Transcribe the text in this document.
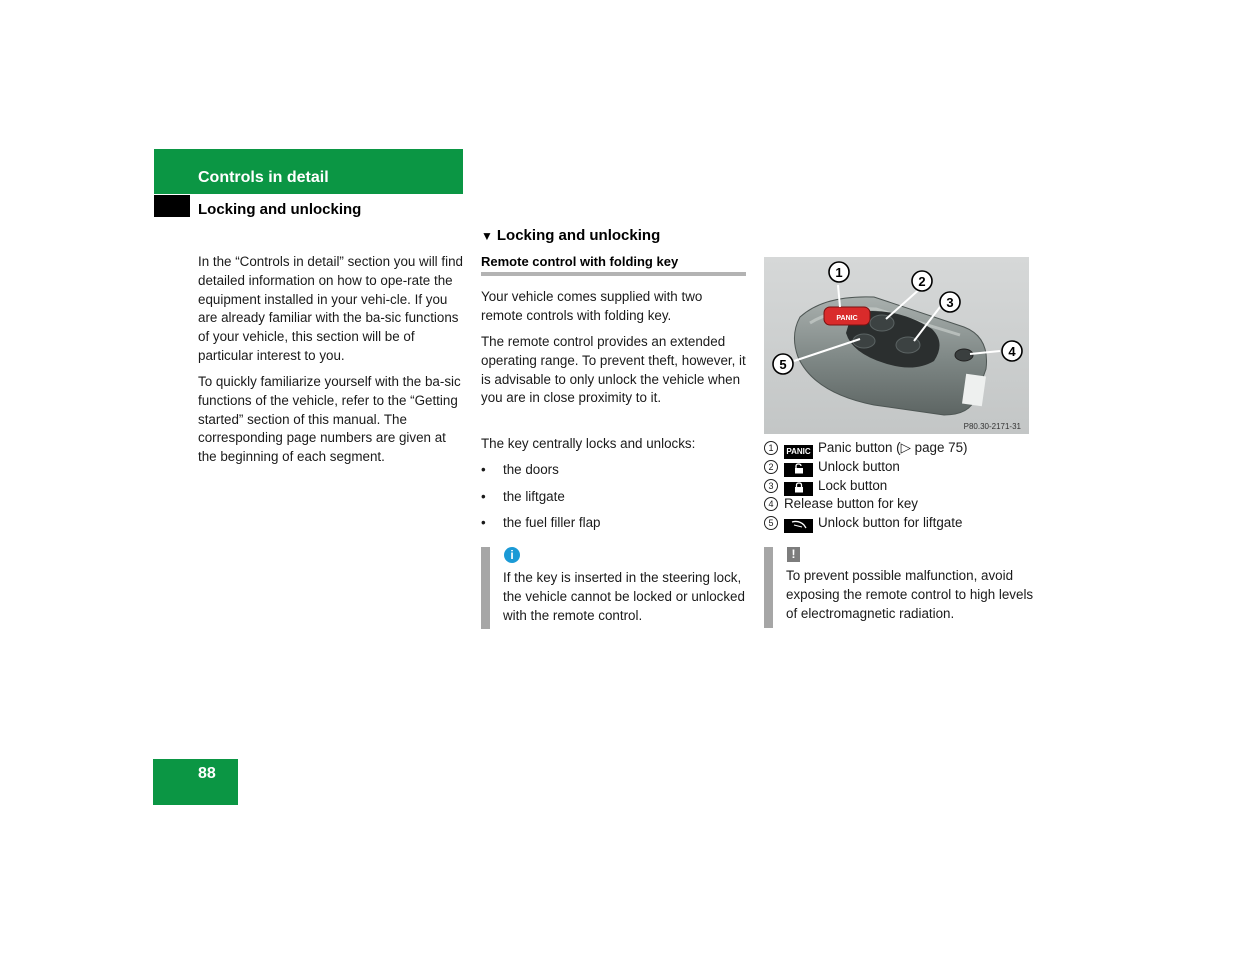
Controls in detail
Locking and unlocking
In the “Controls in detail” section you will find detailed information on how to ope-rate the equipment installed in your vehi-cle. If you are already familiar with the ba-sic functions of your vehicle, this section will be of particular interest to you.
To quickly familiarize yourself with the ba-sic functions of the vehicle, refer to the “Getting started” section of this manual. The corresponding page numbers are given at the beginning of each segment.
▼ Locking and unlocking
Remote control with folding key
Your vehicle comes supplied with two remote controls with folding key.
The remote control provides an extended operating range. To prevent theft, however, it is advisable to only unlock the vehicle when you are in close proximity to it.
The key centrally locks and unlocks:
• the doors
• the liftgate
• the fuel filler flap
i
If the key is inserted in the steering lock, the vehicle cannot be locked or unlocked with the remote control.
PANIC
1
2
3
4
5
P80.30-2171-31
1 PANIC Panic button (▷ page 75)
2	Unlock button
3	Lock button
4 Release button for key
5	Unlock button for liftgate
!
To prevent possible malfunction, avoid exposing the remote control to high levels of electromagnetic radiation.
88
